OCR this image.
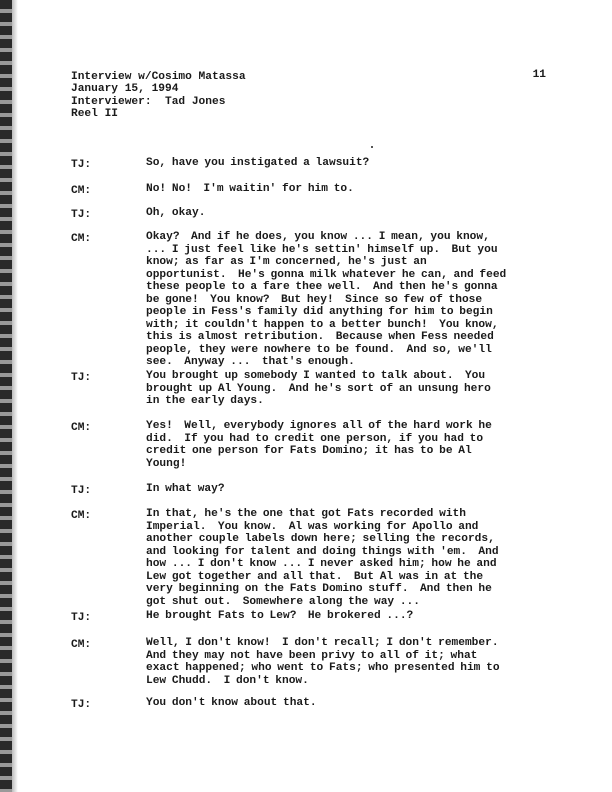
Interview w/Cosimo Matassa
January 15, 1994
Interviewer:  Tad Jones
Reel II
11
TJ:	So, have you instigated a lawsuit?
CM:	No! No!  I'm waitin' for him to.
TJ:	Oh, okay.
CM:	Okay?  And if he does, you know ... I mean, you know,
... I just feel like he's settin' himself up.  But you
know; as far as I'm concerned, he's just an
opportunist.  He's gonna milk whatever he can, and feed
these people to a fare thee well.  And then he's gonna
be gone!  You know?  But hey!  Since so few of those
people in Fess's family did anything for him to begin
with; it couldn't happen to a better bunch!  You know,
this is almost retribution.  Because when Fess needed
people, they were nowhere to be found.  And so, we'll
see.  Anyway ...  that's enough.
TJ:	You brought up somebody I wanted to talk about.  You
brought up Al Young.  And he's sort of an unsung hero
in the early days.
CM:	Yes!  Well, everybody ignores all of the hard work he
did.  If you had to credit one person, if you had to
credit one person for Fats Domino; it has to be Al
Young!
TJ:	In what way?
CM:	In that, he's the one that got Fats recorded with
Imperial.  You know.  Al was working for Apollo and
another couple labels down here; selling the records,
and looking for talent and doing things with 'em.  And
how ... I don't know ... I never asked him; how he and
Lew got together and all that.  But Al was in at the
very beginning on the Fats Domino stuff.  And then he
got shut out.  Somewhere along the way ...
TJ:	He brought Fats to Lew?  He brokered ...?
CM:	Well, I don't know!  I don't recall; I don't remember.
And they may not have been privy to all of it; what
exact happened; who went to Fats; who presented him to
Lew Chudd.  I don't know.
TJ:	You don't know about that.
